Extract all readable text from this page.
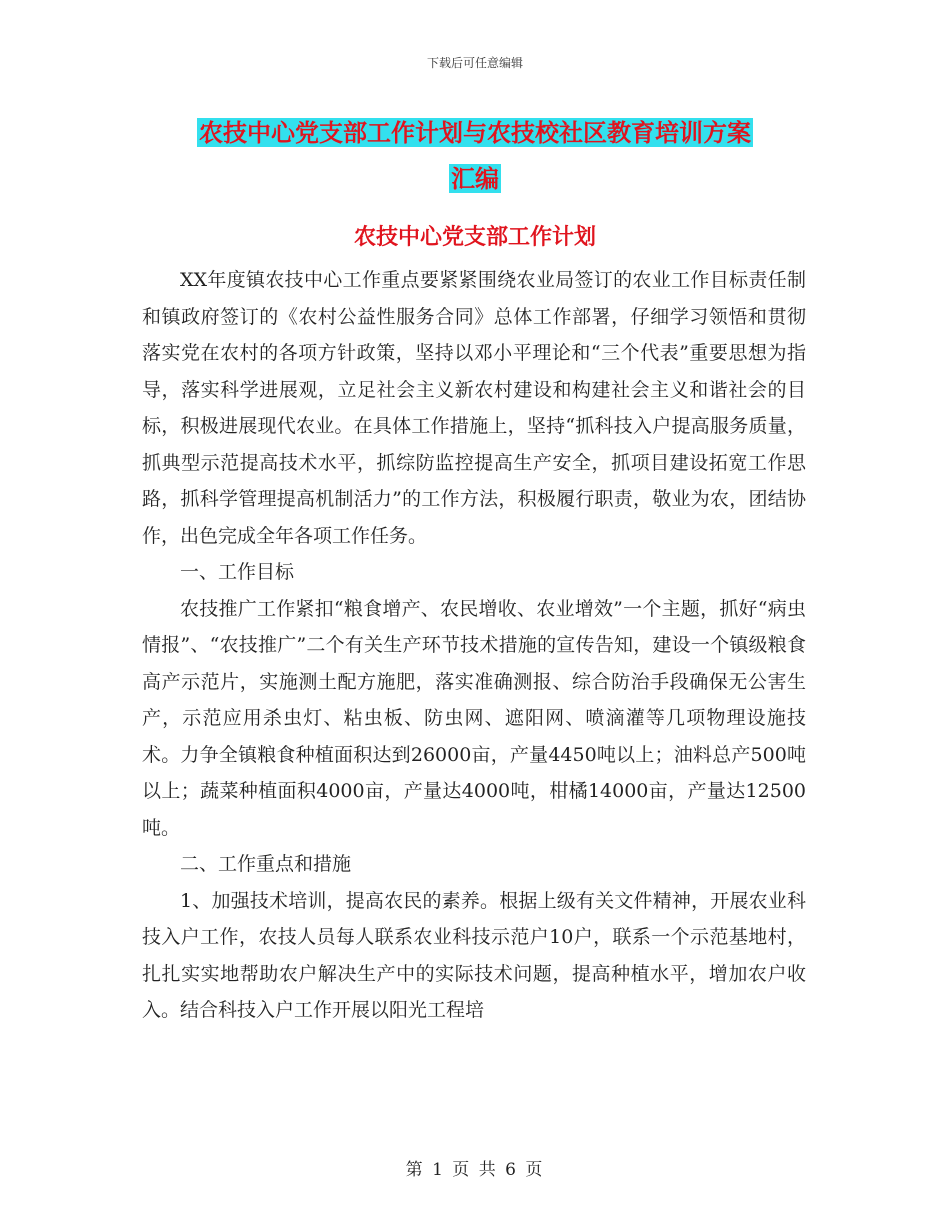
下载后可任意编辑
农技中心党支部工作计划与农技校社区教育培训方案
汇编
农技中心党支部工作计划

XX年度镇农技中心工作重点要紧紧围绕农业局签订的农业工作目标责任制和镇政府签订的《农村公益性服务合同》总体工作部署，仔细学习领悟和贯彻落实党在农村的各项方针政策，坚持以邓小平理论和“三个代表”重要思想为指导，落实科学进展观，立足社会主义新农村建设和构建社会主义和谐社会的目标，积极进展现代农业。在具体工作措施上，坚持“抓科技入户提高服务质量，抓典型示范提高技术水平，抓综防监控提高生产安全，抓项目建设拓宽工作思路，抓科学管理提高机制活力”的工作方法，积极履行职责，敬业为农，团结协作，出色完成全年各项工作任务。

一、工作目标

农技推广工作紧扣“粮食增产、农民增收、农业增效”一个主题，抓好“病虫情报”、“农技推广”二个有关生产环节技术措施的宣传告知，建设一个镇级粮食高产示范片，实施测土配方施肥，落实准确测报、综合防治手段确保无公害生产，示范应用杀虫灯、粘虫板、防虫网、遮阳网、喷滴灌等几项物理设施技术。力争全镇粮食种植面积达到26000亩，产量4450吨以上；油料总产500吨以上；蔬菜种植面积4000亩，产量达4000吨，柑橘14000亩，产量达12500吨。

二、工作重点和措施

1、加强技术培训，提高农民的素养。根据上级有关文件精神，开展农业科技入户工作，农技人员每人联系农业科技示范户10户，联系一个示范基地村，扎扎实实地帮助农户解决生产中的实际技术问题，提高种植水平，增加农户收入。结合科技入户工作开展以阳光工程培

第 1 页 共 6 页
